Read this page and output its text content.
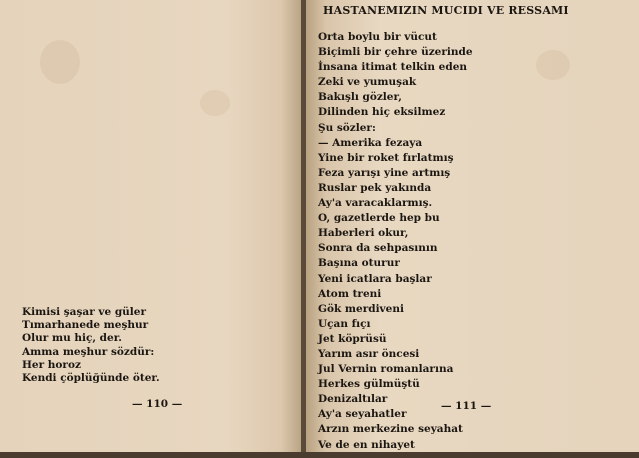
HASTANEMIZIN MUCIDI VE RESSAMI
Kimisi şaşar ve güler
Tımarhanede meşhur
Olur mu hiç, der.
Amma meşhur sözdür:
Her horoz
Kendi çöplüğünde öter.
— 110 —
Orta boylu bir vücut
Biçimli bir çehre üzerinde
İnsana itimat telkin eden
Zeki ve yumuşak
Bakışlı gözler,
Dilinden hiç eksilmez
Şu sözler:
— Amerika fezaya
Yine bir roket fırlatmış
Feza yarışı yine artmış
Ruslar pek yakında
Ay'a varacaklarmış.
O, gazetlerde hep bu
Haberleri okur,
Sonra da sehpasının
Başına oturur
Yeni icatlara başlar
Atom treni
Gök merdiveni
Uçan fıçı
Jet köprüsü
Yarım asır öncesi
Jul Vernin romanlarına
Herkes gülmüştü
Denizaltılar
Ay'a seyahatler
Arzın merkezine seyahat
Ve de en nihayet
— 111 —
